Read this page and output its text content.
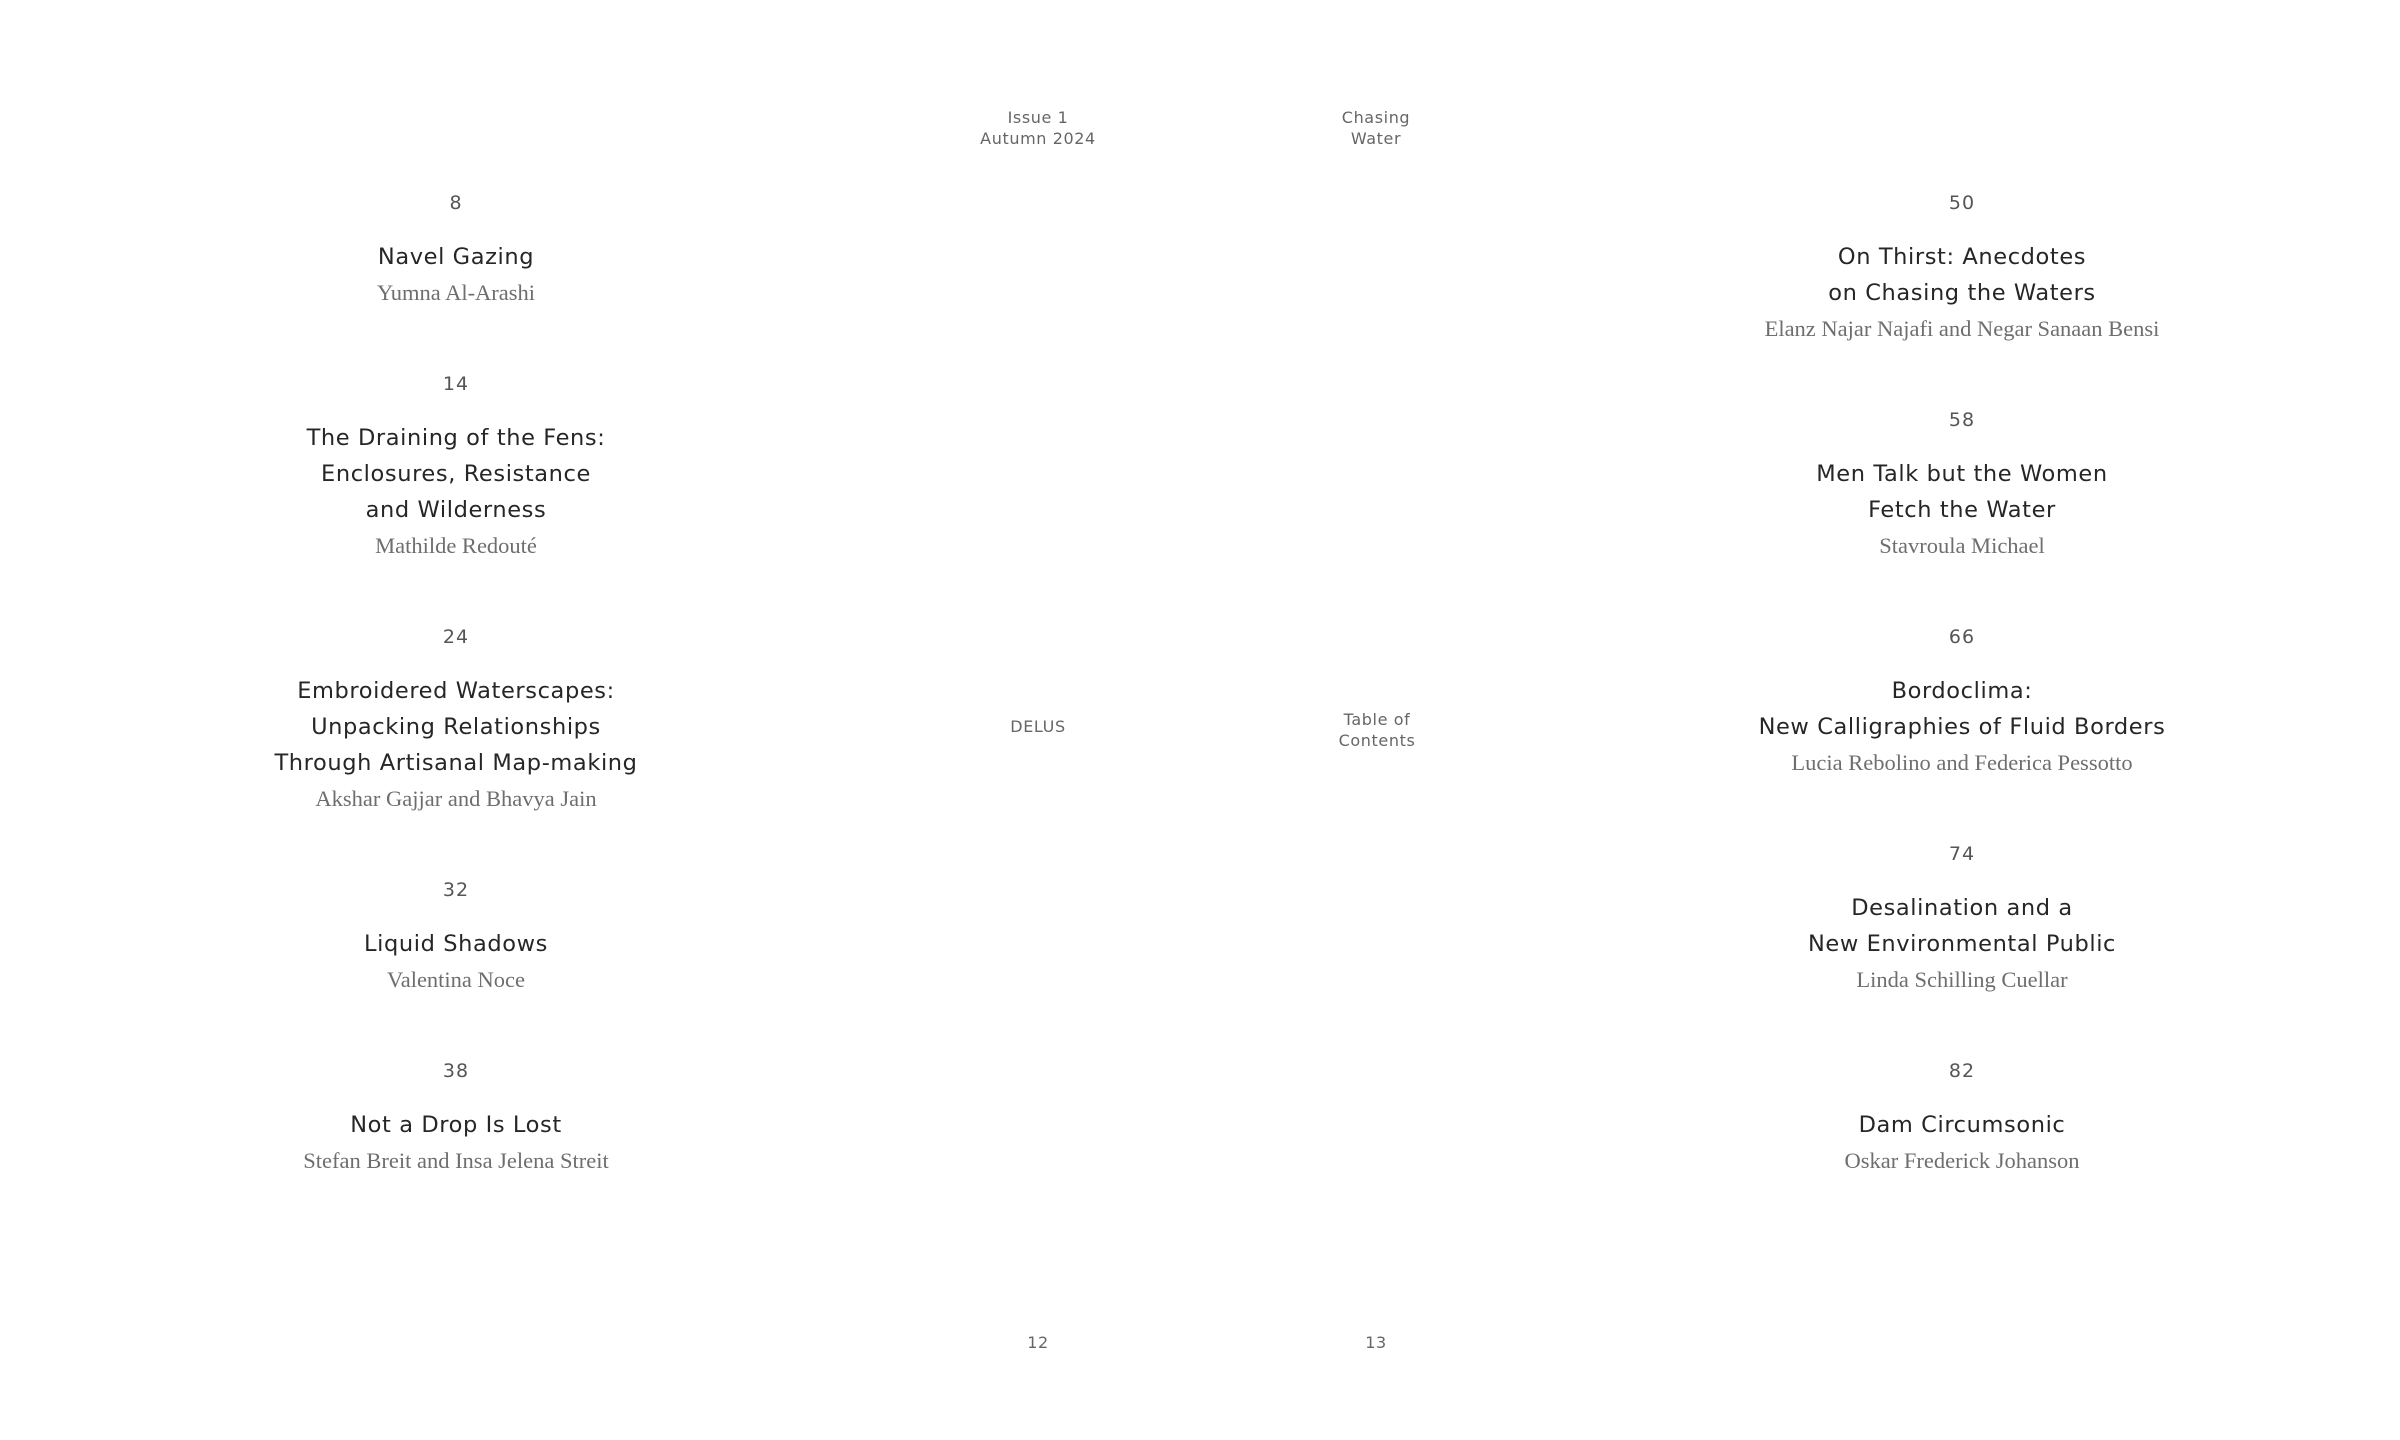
Issue 1
Autumn 2024
Chasing
Water
DELUS	Table of
Contents
12	13
8
Navel Gazing
Yumna Al-Arashi
14
The Draining of the Fens:
Enclosures, Resistance
and Wilderness
Mathilde Redouté
24
Embroidered Waterscapes:
Unpacking Relationships
Through Artisanal Map-making
Akshar Gajjar and Bhavya Jain
32
Liquid Shadows
Valentina Noce
38
Not a Drop Is Lost
Stefan Breit and Insa Jelena Streit
50
On Thirst: Anecdotes
on Chasing the Waters
Elanz Najar Najafi and Negar Sanaan Bensi
58
Men Talk but the Women
Fetch the Water
Stavroula Michael
66
Bordoclima:
New Calligraphies of Fluid Borders
Lucia Rebolino and Federica Pessotto
74
Desalination and a
New Environmental Public
Linda Schilling Cuellar
82
Dam Circumsonic
Oskar Frederick Johanson
